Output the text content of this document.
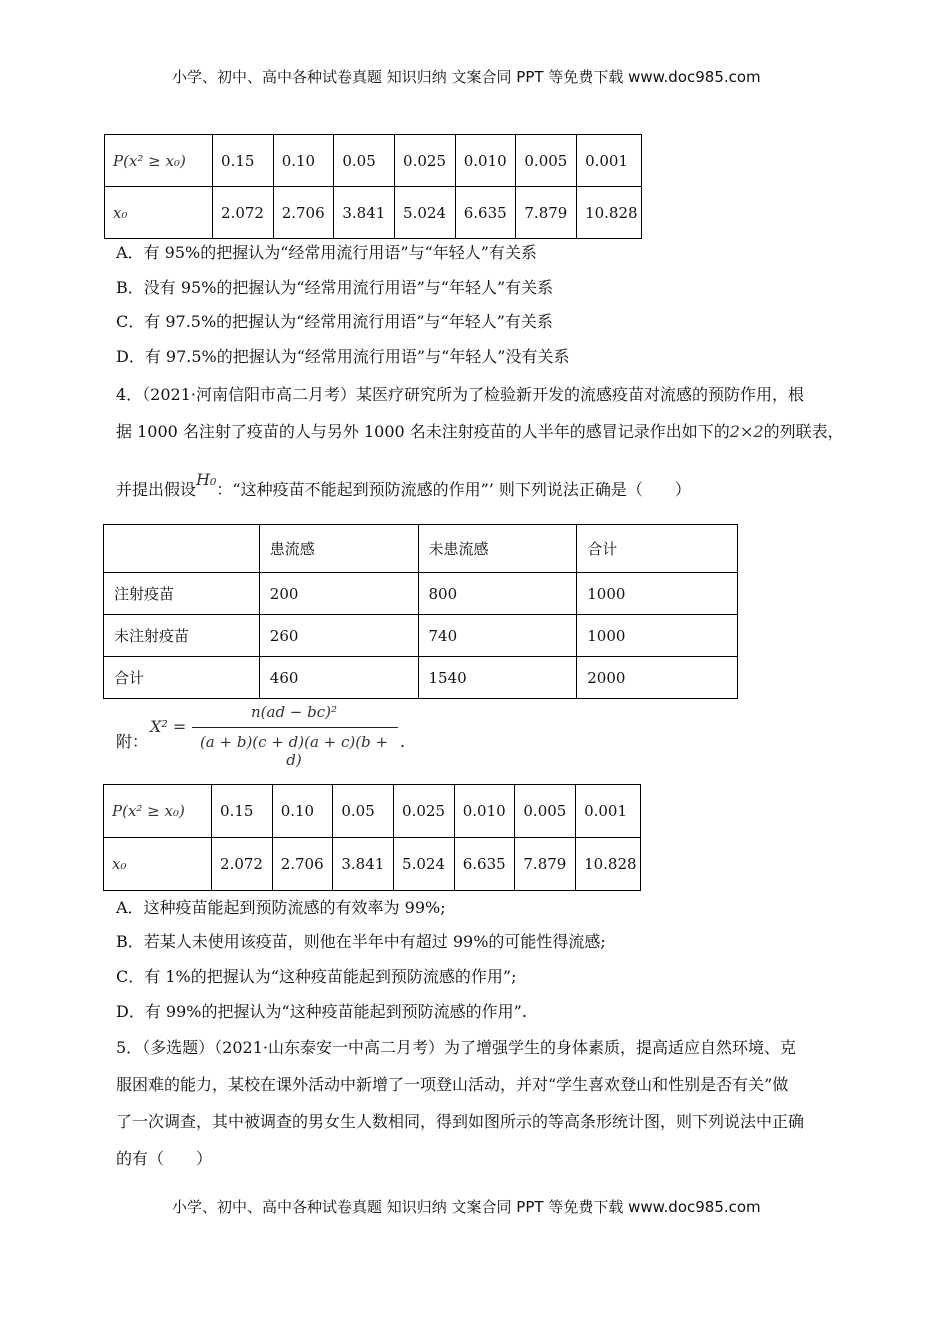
小学、初中、高中各种试卷真题 知识归纳 文案合同 PPT 等免费下载 www.doc985.com
P(x² ≥ x₀)	0.15	0.10	0.05	0.025	0.010	0.005	0.001
x₀	2.072	2.706	3.841	5.024	6.635	7.879	10.828
A．有 95%的把握认为“经常用流行用语”与“年轻人”有关系
B．没有 95%的把握认为“经常用流行用语”与“年轻人”有关系
C．有 97.5%的把握认为“经常用流行用语”与“年轻人”有关系
D．有 97.5%的把握认为“经常用流行用语”与“年轻人”没有关系
4．（2021·河南信阳市高二月考）某医疗研究所为了检验新开发的流感疫苗对流感的预防作用，根
据 1000 名注射了疫苗的人与另外 1000 名未注射疫苗的人半年的感冒记录作出如下的2×2的列联表，
并提出假设H₀：“这种疫苗不能起到预防流感的作用”’ 则下列说法正确是（　　）
	患流感	未患流感	合计
注射疫苗	200	800	1000
未注射疫苗	260	740	1000
合计	460	1540	2000
附：
X² =
n(ad − bc)²
(a + b)(c + d)(a + c)(b + d)
.
P(x² ≥ x₀)	0.15	0.10	0.05	0.025	0.010	0.005	0.001
x₀	2.072	2.706	3.841	5.024	6.635	7.879	10.828
A．这种疫苗能起到预防流感的有效率为 99%;
B．若某人未使用该疫苗，则他在半年中有超过 99%的可能性得流感;
C．有 1%的把握认为“这种疫苗能起到预防流感的作用”;
D．有 99%的把握认为“这种疫苗能起到预防流感的作用”.
5．（多选题）（2021·山东泰安一中高二月考）为了增强学生的身体素质，提高适应自然环境、克
服困难的能力，某校在课外活动中新增了一项登山活动，并对“学生喜欢登山和性别是否有关”做
了一次调查，其中被调查的男女生人数相同，得到如图所示的等高条形统计图，则下列说法中正确
的有（　　）
小学、初中、高中各种试卷真题 知识归纳 文案合同 PPT 等免费下载 www.doc985.com
